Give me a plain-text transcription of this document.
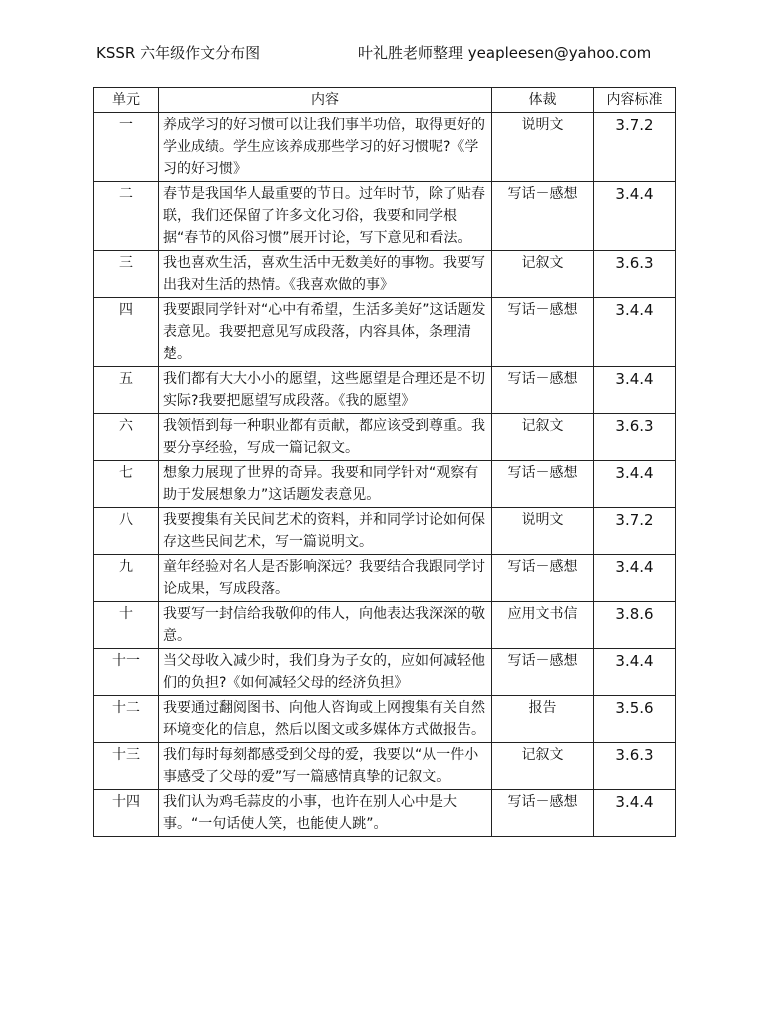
KSSR 六年级作文分布图	叶礼胜老师整理 yeapleesen@yahoo.com
单元	内容	体裁	内容标准
一	养成学习的好习惯可以让我们事半功倍，取得更好的学业成绩。学生应该养成那些学习的好习惯呢?《学习的好习惯》	说明文	3.7.2
二	春节是我国华人最重要的节日。过年时节，除了贴春联，我们还保留了许多文化习俗，我要和同学根据“春节的风俗习惯”展开讨论，写下意见和看法。	写话－感想	3.4.4
三	我也喜欢生活，喜欢生活中无数美好的事物。我要写出我对生活的热情。《我喜欢做的事》	记叙文	3.6.3
四	我要跟同学针对“心中有希望，生活多美好”这话题发表意见。我要把意见写成段落，内容具体，条理清楚。	写话－感想	3.4.4
五	我们都有大大小小的愿望，这些愿望是合理还是不切实际?我要把愿望写成段落。《我的愿望》	写话－感想	3.4.4
六	我领悟到每一种职业都有贡献，都应该受到尊重。我要分享经验，写成一篇记叙文。	记叙文	3.6.3
七	想象力展现了世界的奇异。我要和同学针对“观察有助于发展想象力”这话题发表意见。	写话－感想	3.4.4
八	我要搜集有关民间艺术的资料，并和同学讨论如何保存这些民间艺术，写一篇说明文。	说明文	3.7.2
九	童年经验对名人是否影响深远？我要结合我跟同学讨论成果，写成段落。	写话－感想	3.4.4
十	我要写一封信给我敬仰的伟人，向他表达我深深的敬意。	应用文书信	3.8.6
十一	当父母收入减少时，我们身为子女的，应如何减轻他们的负担?《如何减轻父母的经济负担》	写话－感想	3.4.4
十二	我要通过翻阅图书、向他人咨询或上网搜集有关自然环境变化的信息，然后以图文或多媒体方式做报告。	报告	3.5.6
十三	我们每时每刻都感受到父母的爱，我要以“从一件小事感受了父母的爱”写一篇感情真挚的记叙文。	记叙文	3.6.3
十四	我们认为鸡毛蒜皮的小事，也许在别人心中是大事。“一句话使人笑，也能使人跳”。	写话－感想	3.4.4
